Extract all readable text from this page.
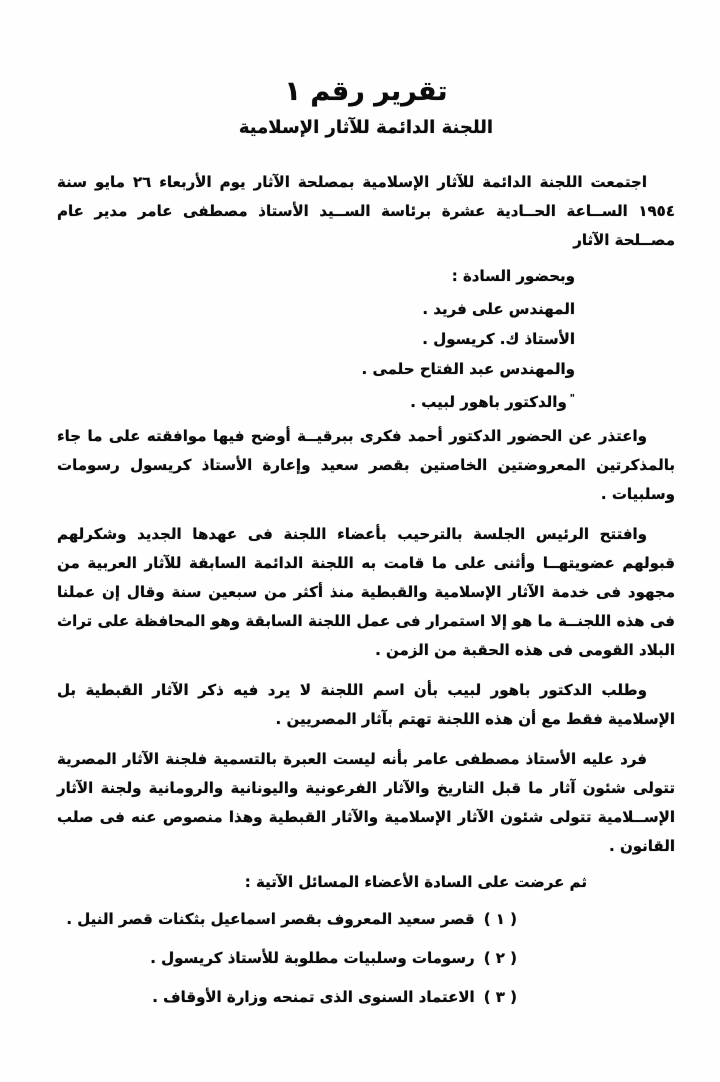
تقرير رقم ١
اللجنة الدائمة للآثار الإسلامية

اجتمعت اللجنة الدائمة للآثار الإسلامية بمصلحة الآثار يوم الأربعاء ٢٦ مايو سنة ١٩٥٤ الســاعة الحــادية عشرة برئاسة الســيد الأستاذ مصطفى عامر مدير عام مصــلحة الآثار

وبحضور السادة :

المهندس على فريد .
الأستاذ ك. كريسول .
والمهندس عبد الفتاح حلمى .
"والدكتور باهور لبيب .

واعتذر عن الحضور الدكتور أحمد فكرى ببرقيــة أوضح فيها موافقته على ما جاء بالمذكرتين المعروضتين الخاصتين بقصر سعيد وإعارة الأستاذ كريسول رسومات وسلبيات .

وافتتح الرئيس الجلسة بالترحيب بأعضاء اللجنة فى عهدها الجديد وشكرلهم قبولهم عضويتهــا وأثنى على ما قامت به اللجنة الدائمة السابقة للآثار العربية من مجهود فى خدمة الآثار الإسلامية والقبطية منذ أكثر من سبعين سنة وقال إن عملنا فى هذه اللجنــة ما هو إلا استمرار فى عمل اللجنة السابقة وهو المحافظة على تراث البلاد القومى فى هذه الحقبة من الزمن .

وطلب الدكتور باهور لبيب بأن اسم اللجنة لا يرد فيه ذكر الآثار القبطية بل الإسلامية فقط مع أن هذه اللجنة تهتم بآثار المصريين .

فرد عليه الأستاذ مصطفى عامر بأنه ليست العبرة بالتسمية فلجنة الآثار المصرية تتولى شئون آثار ما قبل التاريخ والآثار الفرعونية واليونانية والرومانية ولجنة الآثار الإســلامية تتولى شئون الآثار الإسلامية والآثار القبطية وهذا منصوص عنه فى صلب القانون .

ثم عرضت على السادة الأعضاء المسائل الآتية :

( ١ )
قصر سعيد المعروف بقصر اسماعيل بثكنات قصر النيل .
( ٢ )
رسومات وسلبيات مطلوبة للأستاذ كريسول .
( ٣ )
الاعتماد السنوى الذى تمنحه وزارة الأوقاف .
